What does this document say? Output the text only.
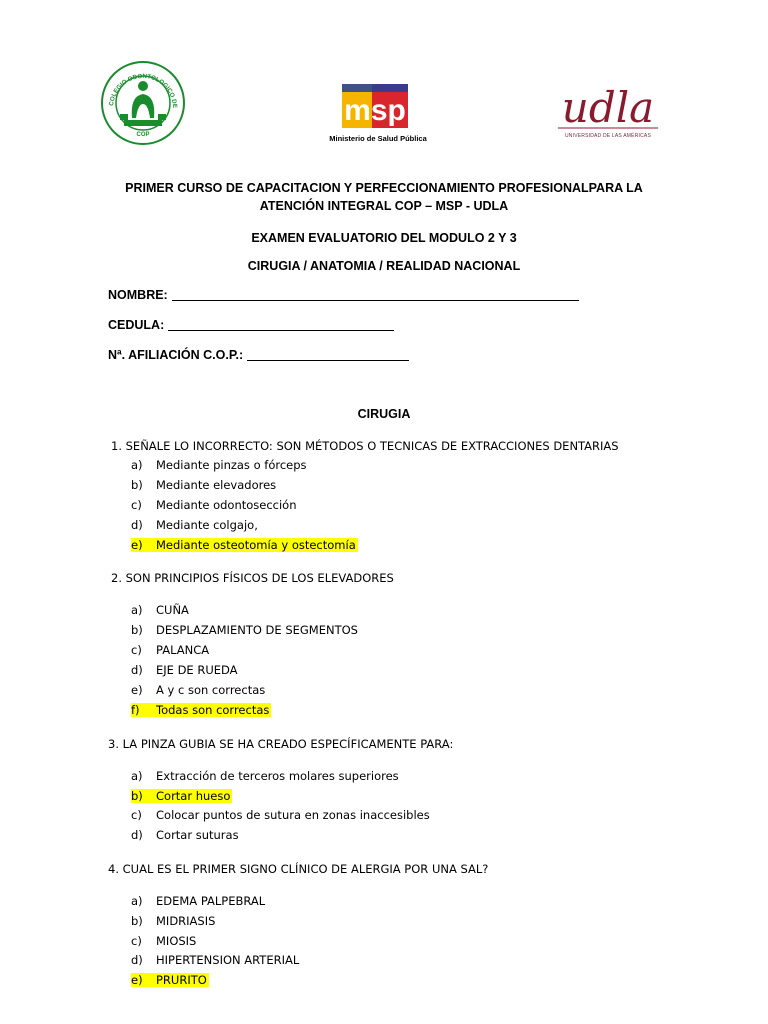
COLEGIO ODONTOLOGICO DE
COP
msp
Ministerio de Salud Pública
udla
UNIVERSIDAD DE LAS AMÉRICAS
PRIMER CURSO DE CAPACITACION Y PERFECCIONAMIENTO PROFESIONALPARA LA
ATENCIÓN INTEGRAL COP – MSP - UDLA
EXAMEN EVALUATORIO DEL MODULO 2 Y 3
CIRUGIA / ANATOMIA / REALIDAD NACIONAL
NOMBRE:
CEDULA:
Nª. AFILIACIÓN C.O.P.:
CIRUGIA
1. SEÑALE LO INCORRECTO: SON MÉTODOS O TECNICAS DE EXTRACCIONES DENTARIAS
a) Mediante pinzas o fórceps
b) Mediante elevadores
c) Mediante odontosección
d) Mediante colgajo,
e) Mediante osteotomía y ostectomía
2. SON PRINCIPIOS FÍSICOS DE LOS ELEVADORES
a) CUÑA
b) DESPLAZAMIENTO DE SEGMENTOS
c) PALANCA
d) EJE DE RUEDA
e) A y c son correctas
f) Todas son correctas
3. LA PINZA GUBIA SE HA CREADO ESPECÍFICAMENTE PARA:
a) Extracción de terceros molares superiores
b) Cortar hueso
c) Colocar puntos de sutura en zonas inaccesibles
d) Cortar suturas
4. CUAL ES EL PRIMER SIGNO CLÍNICO DE ALERGIA POR UNA SAL?
a) EDEMA PALPEBRAL
b) MIDRIASIS
c) MIOSIS
d) HIPERTENSION ARTERIAL
e) PRURITO
